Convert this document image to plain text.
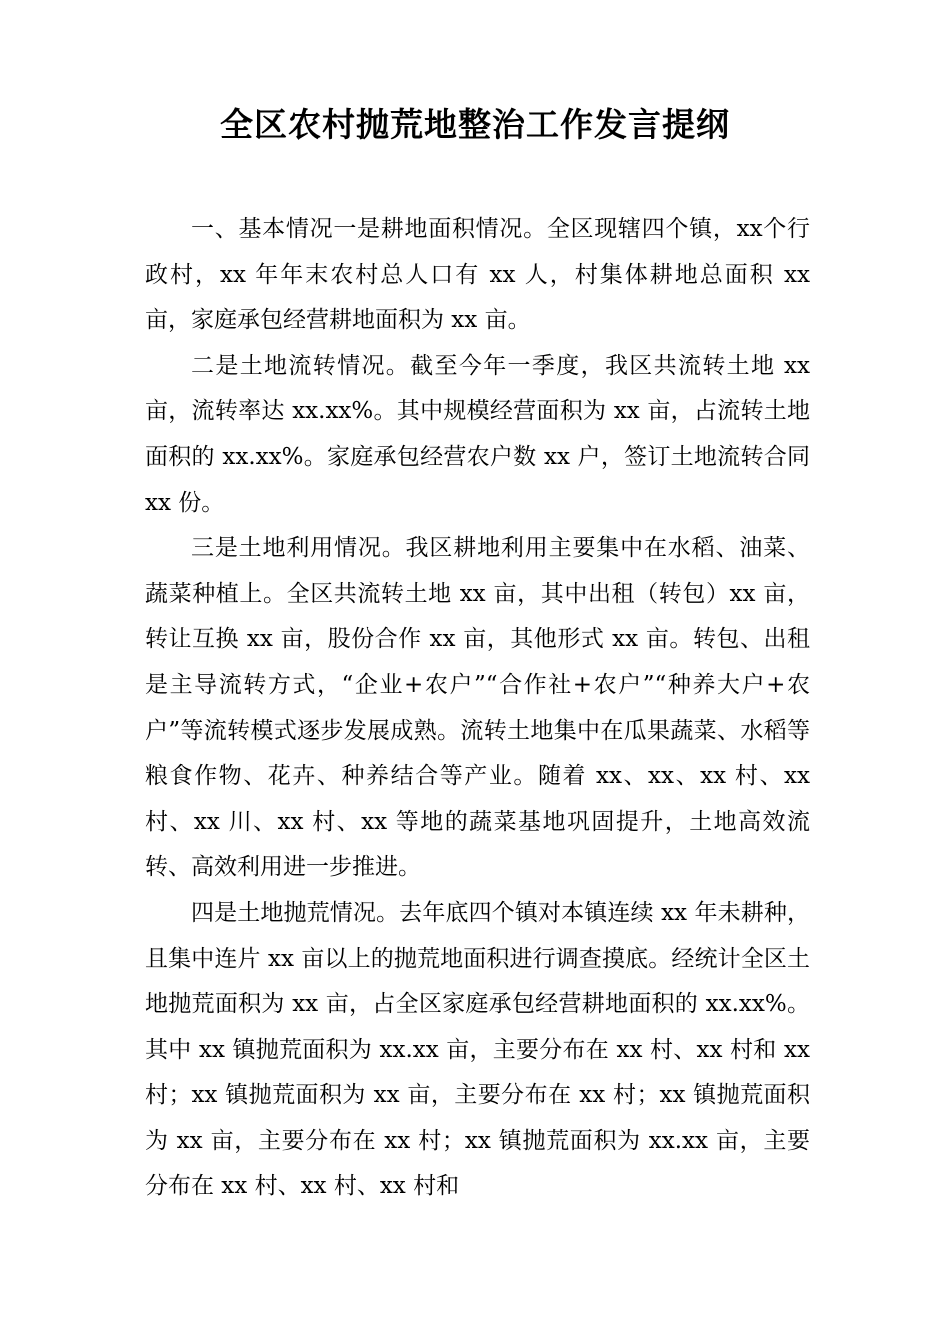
全区农村抛荒地整治工作发言提纲

一、基本情况一是耕地面积情况。全区现辖四个镇，xx个行政村，xx 年年末农村总人口有 xx 人，村集体耕地总面积 xx 亩，家庭承包经营耕地面积为 xx 亩。

二是土地流转情况。截至今年一季度，我区共流转土地 xx 亩，流转率达 xx.xx%。其中规模经营面积为 xx 亩，占流转土地面积的 xx.xx%。家庭承包经营农户数 xx 户，签订土地流转合同 xx 份。

三是土地利用情况。我区耕地利用主要集中在水稻、油菜、蔬菜种植上。全区共流转土地 xx 亩，其中出租（转包）xx 亩，转让互换 xx 亩，股份合作 xx 亩，其他形式 xx 亩。转包、出租是主导流转方式，“企业+农户”“合作社+农户”“种养大户+农户”等流转模式逐步发展成熟。流转土地集中在瓜果蔬菜、水稻等粮食作物、花卉、种养结合等产业。随着 xx、xx、xx 村、xx 村、xx 川、xx 村、xx 等地的蔬菜基地巩固提升，土地高效流转、高效利用进一步推进。

四是土地抛荒情况。去年底四个镇对本镇连续 xx 年未耕种，且集中连片 xx 亩以上的抛荒地面积进行调查摸底。经统计全区土地抛荒面积为 xx 亩，占全区家庭承包经营耕地面积的 xx.xx%。其中 xx 镇抛荒面积为 xx.xx 亩，主要分布在 xx 村、xx 村和 xx 村；xx 镇抛荒面积为 xx 亩，主要分布在 xx 村；xx 镇抛荒面积为 xx 亩，主要分布在 xx 村；xx 镇抛荒面积为 xx.xx 亩，主要分布在 xx 村、xx 村、xx 村和
